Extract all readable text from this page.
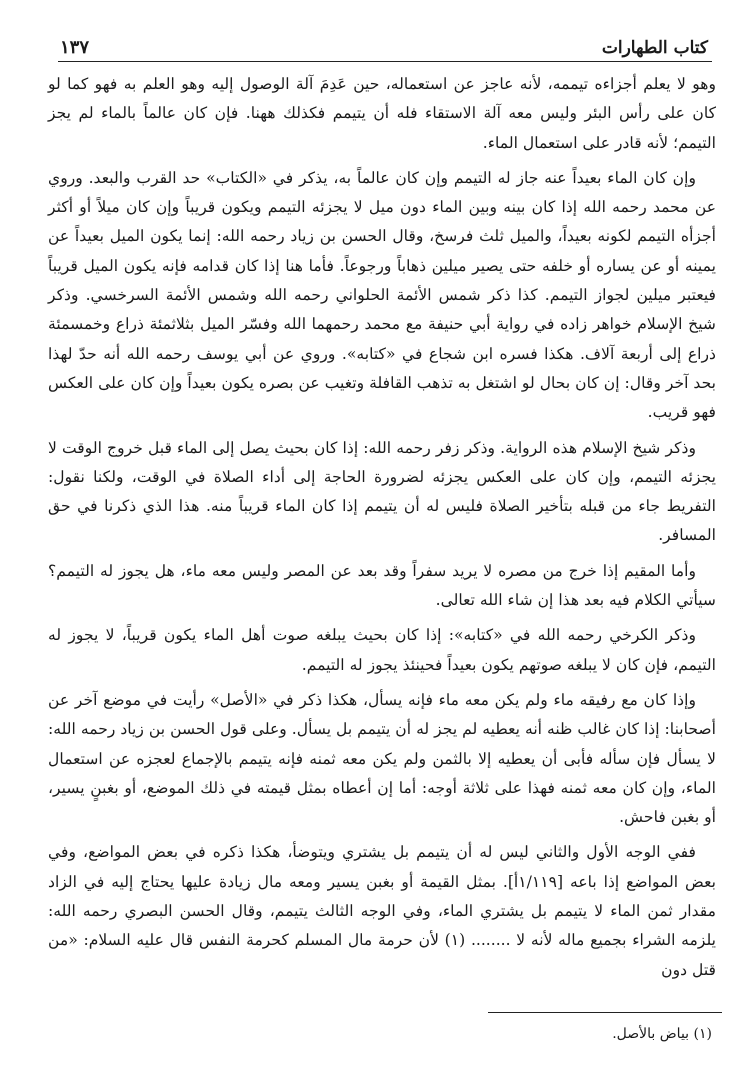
كتاب الطهارات
١٣٧

وهو لا يعلم أجزاءه تيممه، لأنه عاجز عن استعماله، حين عَدِمَ آلة الوصول إليه وهو العلم به فهو كما لو كان على رأس البئر وليس معه آلة الاستقاء فله أن يتيمم فكذلك ههنا. فإن كان عالماً بالماء لم يجز التيمم؛ لأنه قادر على استعمال الماء.

وإن كان الماء بعيداً عنه جاز له التيمم وإن كان عالماً به، يذكر في «الكتاب» حد القرب والبعد. وروي عن محمد رحمه الله إذا كان بينه وبين الماء دون ميل لا يجزئه التيمم ويكون قريباً وإن كان ميلاً أو أكثر أجزأه التيمم لكونه بعيداً، والميل ثلث فرسخ، وقال الحسن بن زياد رحمه الله: إنما يكون الميل بعيداً عن يمينه أو عن يساره أو خلفه حتى يصير ميلين ذهاباً ورجوعاً. فأما هنا إذا كان قدامه فإنه يكون الميل قريباً فيعتبر ميلين لجواز التيمم. كذا ذكر شمس الأئمة الحلواني رحمه الله وشمس الأئمة السرخسي. وذكر شيخ الإسلام خواهر زاده في رواية أبي حنيفة مع محمد رحمهما الله وفسّر الميل بثلاثمئة ذراع وخمسمئة ذراع إلى أربعة آلاف. هكذا فسره ابن شجاع في «كتابه». وروي عن أبي يوسف رحمه الله أنه حدّ لهذا بحد آخر وقال: إن كان بحال لو اشتغل به تذهب القافلة وتغيب عن بصره يكون بعيداً وإن كان على العكس فهو قريب.

وذكر شيخ الإسلام هذه الرواية. وذكر زفر رحمه الله: إذا كان بحيث يصل إلى الماء قبل خروج الوقت لا يجزئه التيمم، وإن كان على العكس يجزئه لضرورة الحاجة إلى أداء الصلاة في الوقت، ولكنا نقول: التفريط جاء من قبله بتأخير الصلاة فليس له أن يتيمم إذا كان الماء قريباً منه. هذا الذي ذكرنا في حق المسافر.

وأما المقيم إذا خرج من مصره لا يريد سفراً وقد بعد عن المصر وليس معه ماء، هل يجوز له التيمم؟ سيأتي الكلام فيه بعد هذا إن شاء الله تعالى.

وذكر الكرخي رحمه الله في «كتابه»: إذا كان بحيث يبلغه صوت أهل الماء يكون قريباً، لا يجوز له التيمم، فإن كان لا يبلغه صوتهم يكون بعيداً فحينئذ يجوز له التيمم.

وإذا كان مع رفيقه ماء ولم يكن معه ماء فإنه يسأل، هكذا ذكر في «الأصل» رأيت في موضع آخر عن أصحابنا: إذا كان غالب ظنه أنه يعطيه لم يجز له أن يتيمم بل يسأل. وعلى قول الحسن بن زياد رحمه الله: لا يسأل فإن سأله فأبى أن يعطيه إلا بالثمن ولم يكن معه ثمنه فإنه يتيمم بالإجماع لعجزه عن استعمال الماء، وإن كان معه ثمنه فهذا على ثلاثة أوجه: أما إن أعطاه بمثل قيمته في ذلك الموضع، أو بغبنٍ يسير، أو بغبن فاحش.

ففي الوجه الأول والثاني ليس له أن يتيمم بل يشتري ويتوضأ، هكذا ذكره في بعض المواضع، وفي بعض المواضع إذا باعه [١/١١٩أ]. بمثل القيمة أو بغبن يسير ومعه مال زيادة عليها يحتاج إليه في الزاد مقدار ثمن الماء لا يتيمم بل يشتري الماء، وفي الوجه الثالث يتيمم، وقال الحسن البصري رحمه الله: يلزمه الشراء بجميع ماله لأنه لا ........ (١) لأن حرمة مال المسلم كحرمة النفس قال عليه السلام: «من قتل دون

(١) بياض بالأصل.
